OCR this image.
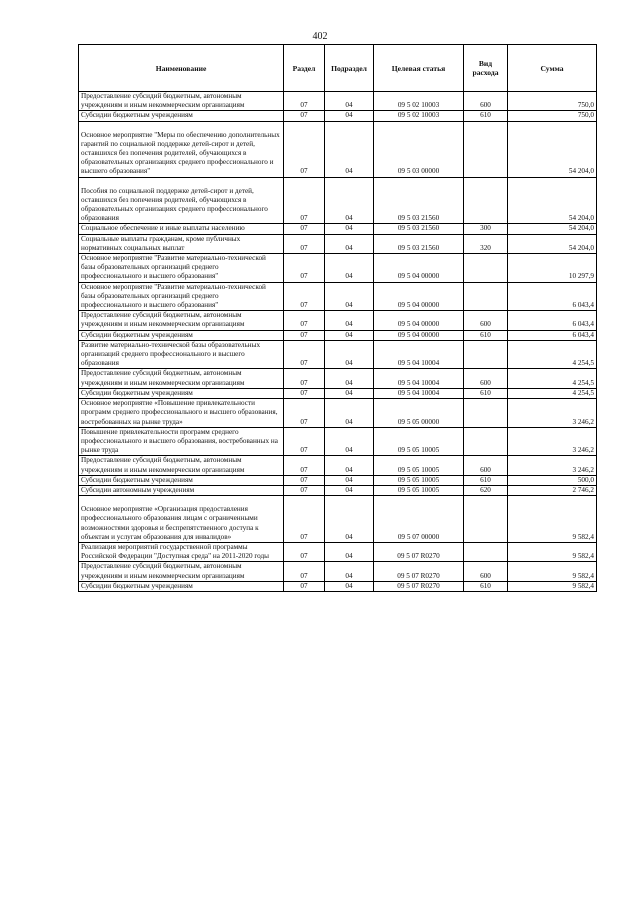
402
Наименование	Раздел	Подраздел	Целевая статья	Вид расхода	Сумма
Предоставление субсидий бюджетным, автономным учреждениям и иным некоммерческим организациям	07	04	09 5 02 10003	600	750,0
Субсидии бюджетным учреждениям	07	04	09 5 02 10003	610	750,0

Основное мероприятие "Меры по обеспечению дополнительных гарантий по социальной поддержке детей-сирот и детей, оставшихся без попечения родителей, обучающихся в образовательных организациях среднего профессионального и высшего образования"	07	04	09 5 03 00000		54 204,0

Пособия по социальной поддержке детей-сирот и детей, оставшихся без попечения родителей, обучающихся в образовательных организациях среднего профессионального образования	07	04	09 5 03 21560		54 204,0
Социальное обеспечение и иные выплаты населению	07	04	09 5 03 21560	300	54 204,0
Социальные выплаты гражданам, кроме публичных нормативных социальных выплат	07	04	09 5 03 21560	320	54 204,0
Основное мероприятие "Развитие материально-технической базы образовательных организаций среднего профессионального и высшего образования"	07	04	09 5 04 00000		10 297,9
Основное мероприятие "Развитие материально-технической базы образовательных организаций среднего профессионального и высшего образования"	07	04	09 5 04 00000		6 043,4
Предоставление субсидий бюджетным, автономным учреждениям и иным некоммерческим организациям	07	04	09 5 04 00000	600	6 043,4
Субсидии бюджетным учреждениям	07	04	09 5 04 00000	610	6 043,4
Развитие материально-технической базы образовательных организаций среднего профессионального и высшего образования	07	04	09 5 04 10004		4 254,5
Предоставление субсидий бюджетным, автономным учреждениям и иным некоммерческим организациям	07	04	09 5 04 10004	600	4 254,5
Субсидии бюджетным учреждениям	07	04	09 5 04 10004	610	4 254,5
Основное мероприятие «Повышение привлекательности программ среднего профессионального и высшего образования, востребованных на рынке труда»	07	04	09 5 05 00000		3 246,2
Повышение привлекательности программ среднего профессионального и высшего образования, востребованных на рынке труда	07	04	09 5 05 10005		3 246,2
Предоставление субсидий бюджетным, автономным учреждениям и иным некоммерческим организациям	07	04	09 5 05 10005	600	3 246,2
Субсидии бюджетным учреждениям	07	04	09 5 05 10005	610	500,0
Субсидии автономным учреждениям	07	04	09 5 05 10005	620	2 746,2

Основное мероприятие «Организация предоставления профессионального образования лицам с ограниченными возможностями здоровья и беспрепятственного доступа к объектам и услугам образования для инвалидов»	07	04	09 5 07 00000		9 582,4
Реализация мероприятий государственной программы Российской Федерации "Доступная среда" на 2011-2020 годы	07	04	09 5 07 R0270		9 582,4
Предоставление субсидий бюджетным, автономным учреждениям и иным некоммерческим организациям	07	04	09 5 07 R0270	600	9 582,4
Субсидии бюджетным учреждениям	07	04	09 5 07 R0270	610	9 582,4
